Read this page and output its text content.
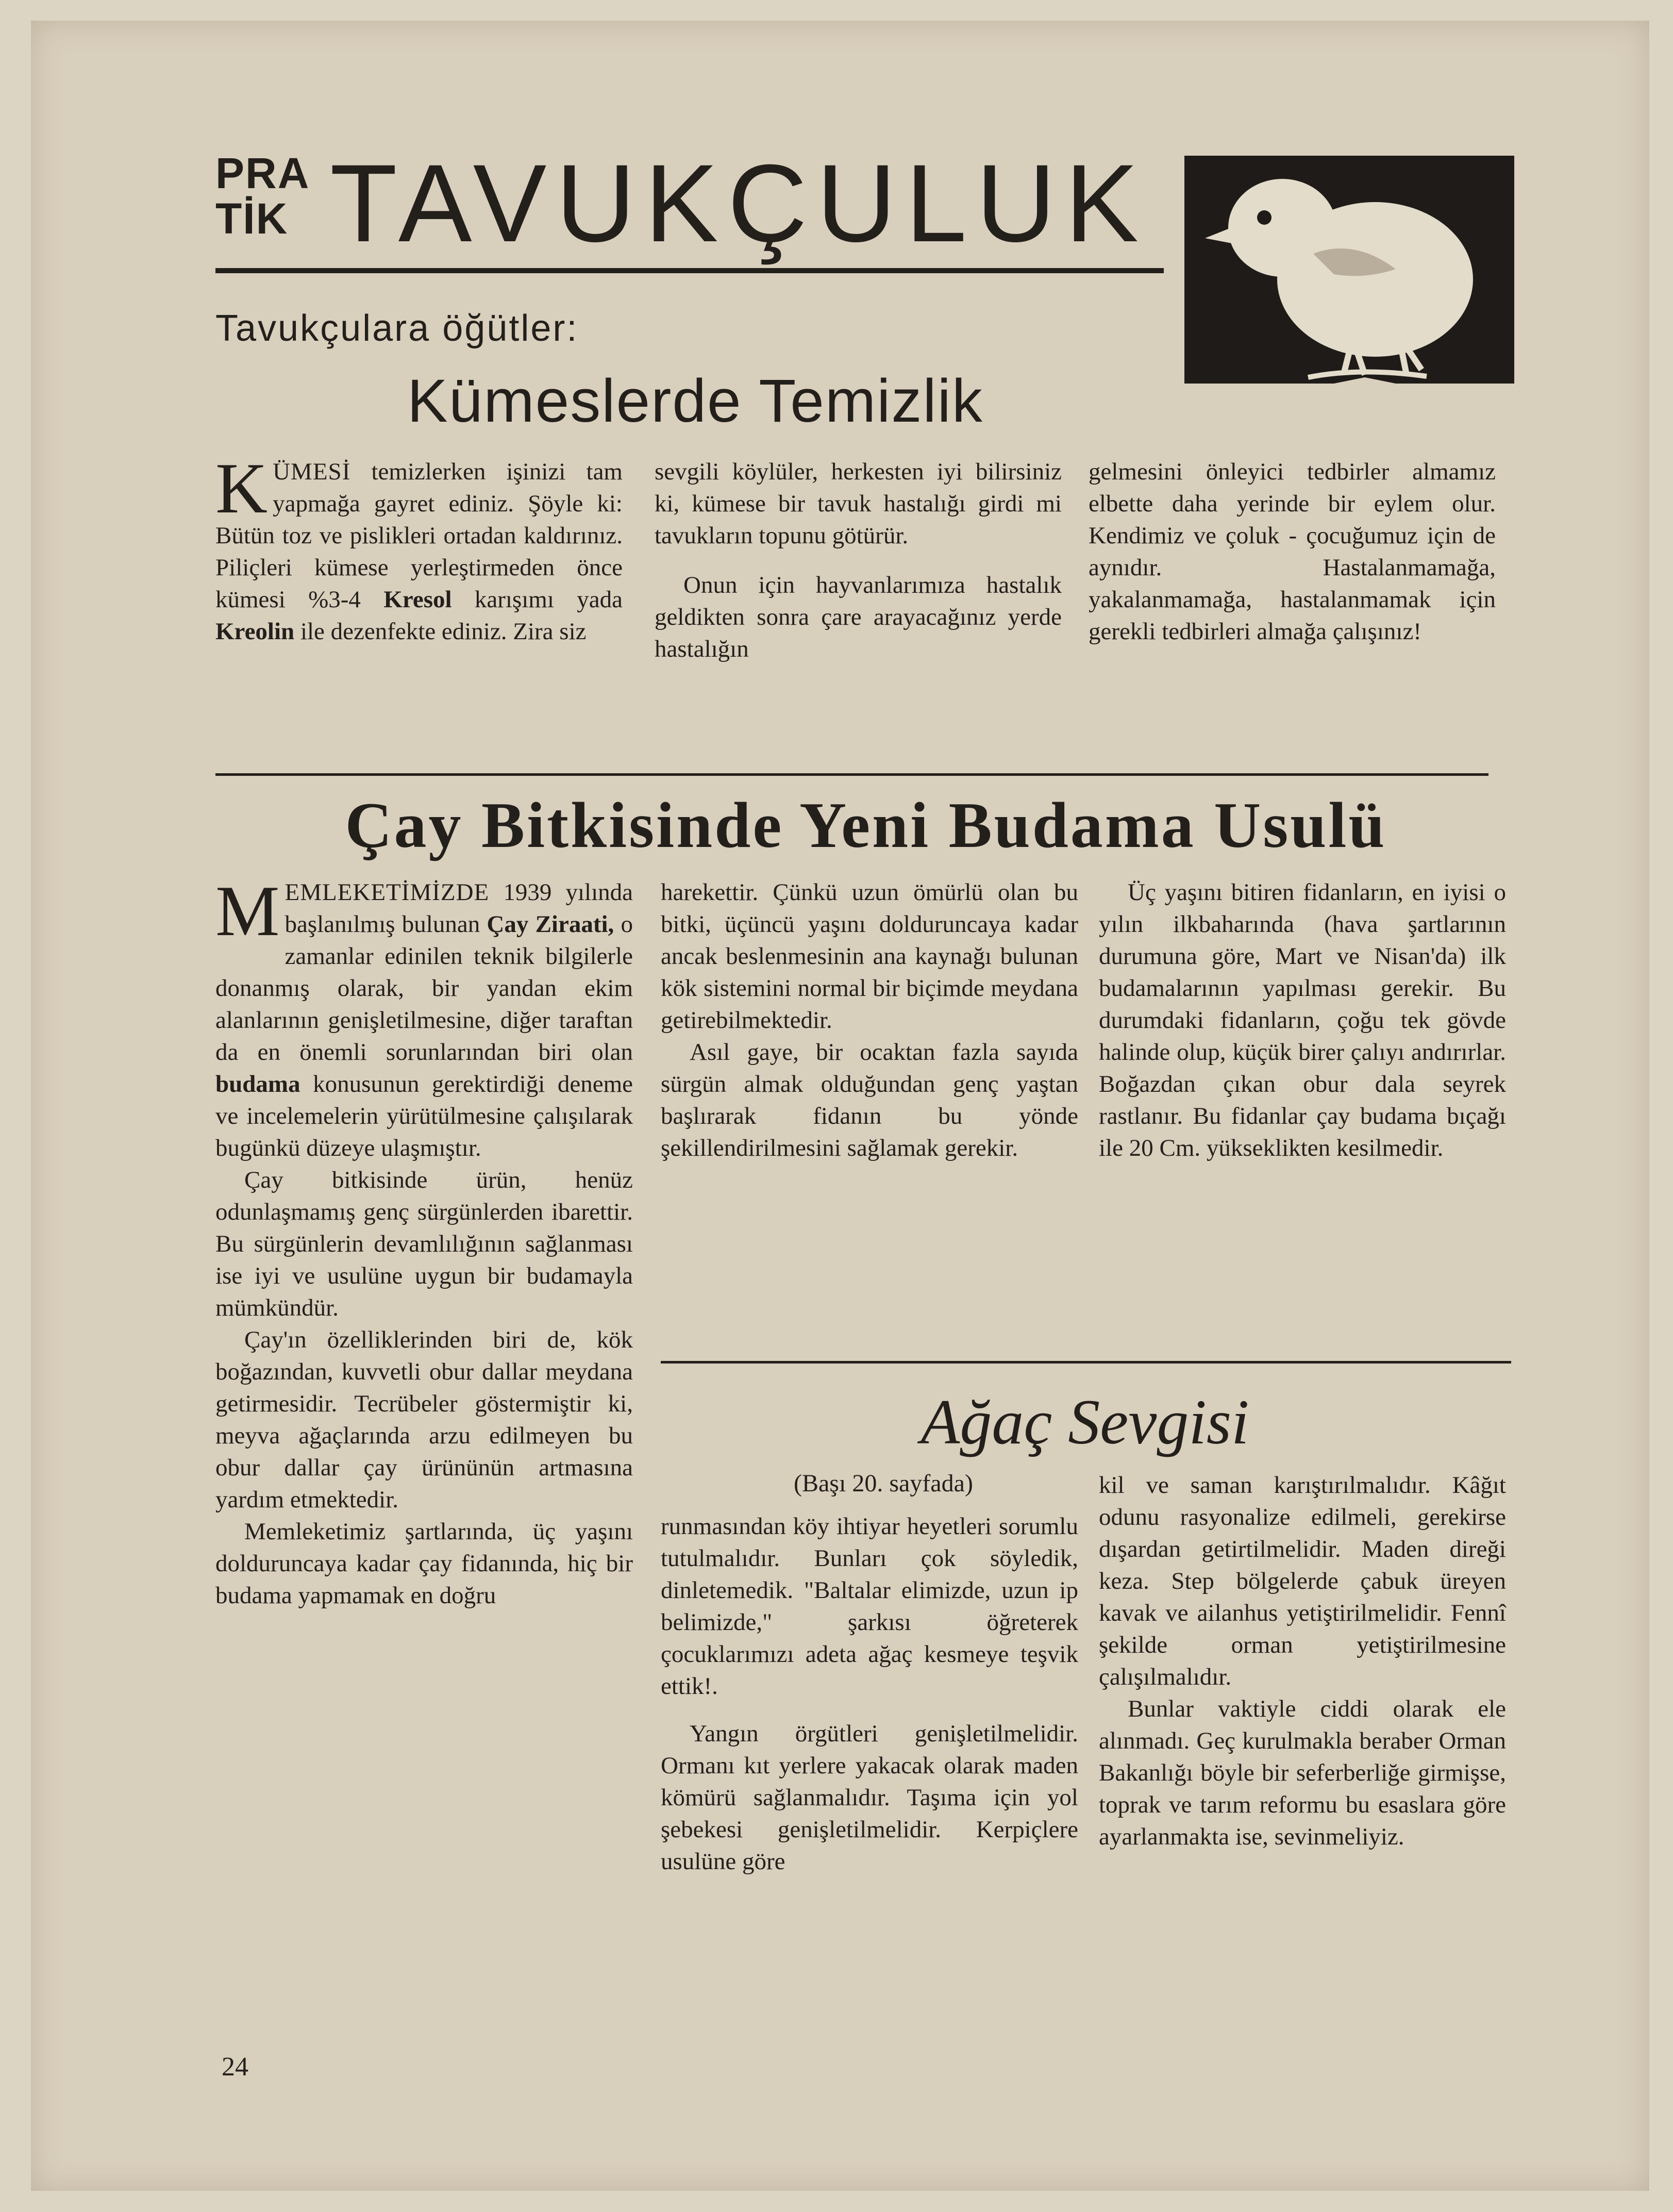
PRA
TİK TAVUKÇULUK
Tavukçulara öğütler:
Kümeslerde Temizlik

KÜMESİ temizlerken işinizi tam yapmağa gayret ediniz. Şöyle ki: Bütün toz ve pislikleri ortadan kaldırınız. Piliçleri kümese yerleştirmeden önce kümesi %3-4 Kresol karışımı yada Kreolin ile dezenfekte ediniz. Zira siz

sevgili köylüler, herkesten iyi bilirsiniz ki, kümese bir tavuk hastalığı girdi mi tavukların topunu götürür.

Onun için hayvanlarımıza hastalık geldikten sonra çare arayacağınız yerde hastalığın

gelmesini önleyici tedbirler almamız elbette daha yerinde bir eylem olur. Kendimiz ve çoluk - çocuğumuz için de aynıdır. Hastalanmamağa, yakalanmamağa, hastalanmamak için gerekli tedbirleri almağa çalışınız!

Çay Bitkisinde Yeni Budama Usulü

MEMLEKETİMİZDE 1939 yılında başlanılmış bulunan Çay Ziraati, o zamanlar edinilen teknik bilgilerle donanmış olarak, bir yandan ekim alanlarının genişletilmesine, diğer taraftan da en önemli sorunlarından biri olan budama konusunun gerektirdiği deneme ve incelemelerin yürütülmesine çalışılarak bugünkü düzeye ulaşmıştır.

Çay bitkisinde ürün, henüz odunlaşmamış genç sürgünlerden ibarettir. Bu sürgünlerin devamlılığının sağlanması ise iyi ve usulüne uygun bir budamayla mümkündür.

Çay'ın özelliklerinden biri de, kök boğazından, kuvvetli obur dallar meydana getirmesidir. Tecrübeler göstermiştir ki, meyva ağaçlarında arzu edilmeyen bu obur dallar çay ürününün artmasına yardım etmektedir.

Memleketimiz şartlarında, üç yaşını dolduruncaya kadar çay fidanında, hiç bir budama yapmamak en doğru

harekettir. Çünkü uzun ömürlü olan bu bitki, üçüncü yaşını dolduruncaya kadar ancak beslenmesinin ana kaynağı bulunan kök sistemini normal bir biçimde meydana getirebilmektedir.

Asıl gaye, bir ocaktan fazla sayıda sürgün almak olduğundan genç yaştan başlırarak fidanın bu yönde şekillendirilmesini sağlamak gerekir.

Üç yaşını bitiren fidanların, en iyisi o yılın ilkbaharında (hava şartlarının durumuna göre, Mart ve Nisan'da) ilk budamalarının yapılması gerekir. Bu durumdaki fidanların, çoğu tek gövde halinde olup, küçük birer çalıyı andırırlar. Boğazdan çıkan obur dala seyrek rastlanır. Bu fidanlar çay budama bıçağı ile 20 Cm. yükseklikten kesilmedir.

Ağaç Sevgisi
(Başı 20. sayfada)

runmasından köy ihtiyar heyetleri sorumlu tutulmalıdır. Bunları çok söyledik, dinletemedik. "Baltalar elimizde, uzun ip belimizde," şarkısı öğreterek çocuklarımızı adeta ağaç kesmeye teşvik ettik!.

Yangın örgütleri genişletilmelidir. Ormanı kıt yerlere yakacak olarak maden kömürü sağlanmalıdır. Taşıma için yol şebekesi genişletilmelidir. Kerpiçlere usulüne göre

kil ve saman karıştırılmalıdır. Kâğıt odunu rasyonalize edilmeli, gerekirse dışardan getirtilmelidir. Maden direği keza. Step bölgelerde çabuk üreyen kavak ve ailanhus yetiştirilmelidir. Fennî şekilde orman yetiştirilmesine çalışılmalıdır.

Bunlar vaktiyle ciddi olarak ele alınmadı. Geç kurulmakla beraber Orman Bakanlığı böyle bir seferberliğe girmişse, toprak ve tarım reformu bu esaslara göre ayarlanmakta ise, sevinmeliyiz.

24
